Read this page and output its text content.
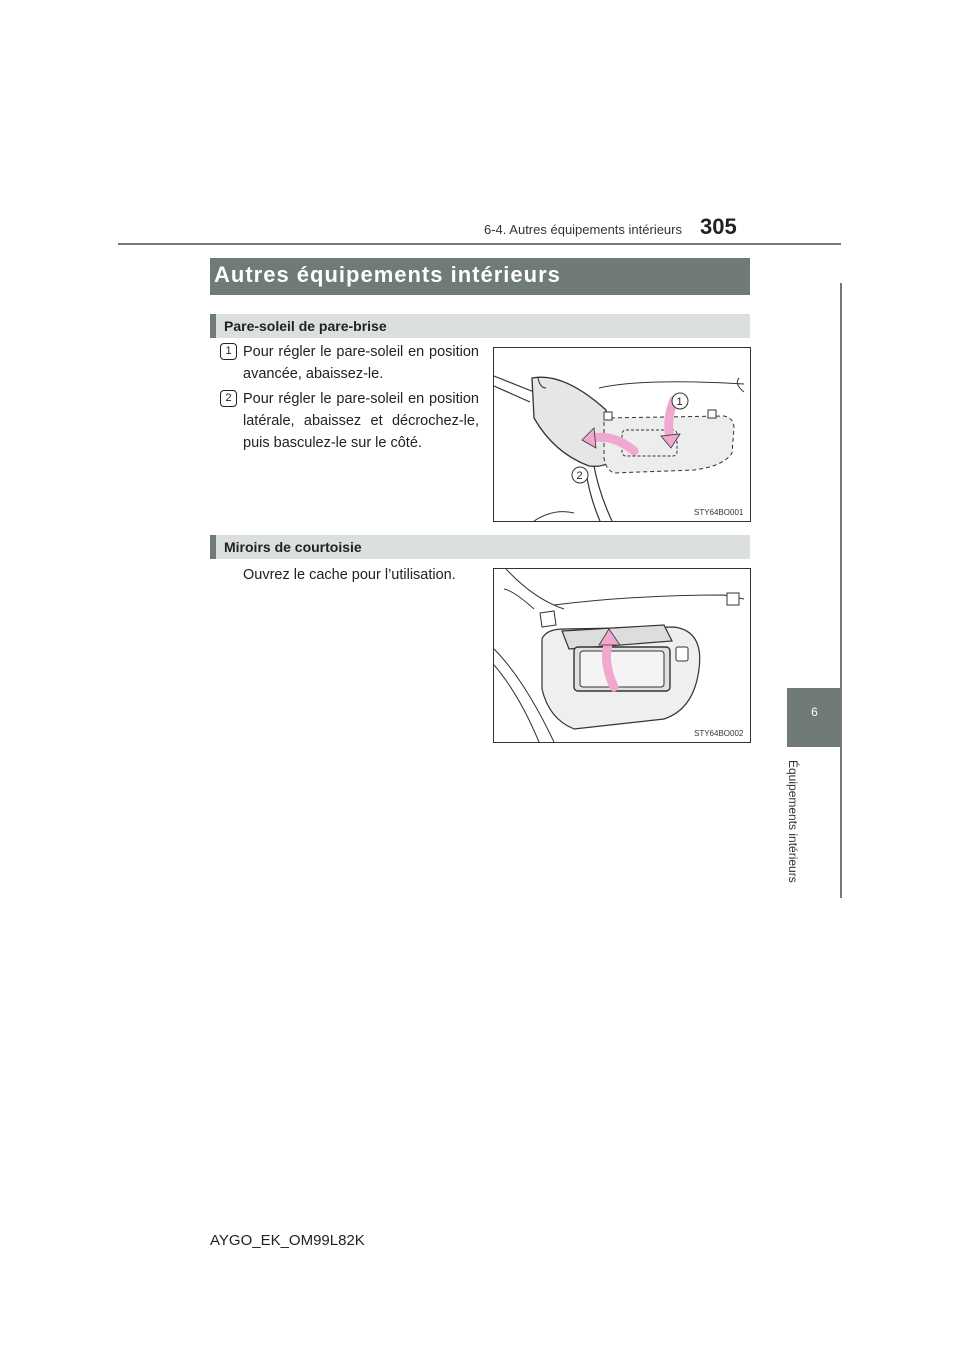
6-4. Autres équipements intérieurs 305
Autres équipements intérieurs
Pare-soleil de pare-brise
1 Pour régler le pare-soleil en position avancée, abaissez-le.
2 Pour régler le pare-soleil en position latérale, abaissez et décrochez-le, puis basculez-le sur le côté.
1
2
STY64BO001
Miroirs de courtoisie
Ouvrez le cache pour l’utilisation.
STY64BO002
6
Équipements intérieurs
AYGO_EK_OM99L82K
